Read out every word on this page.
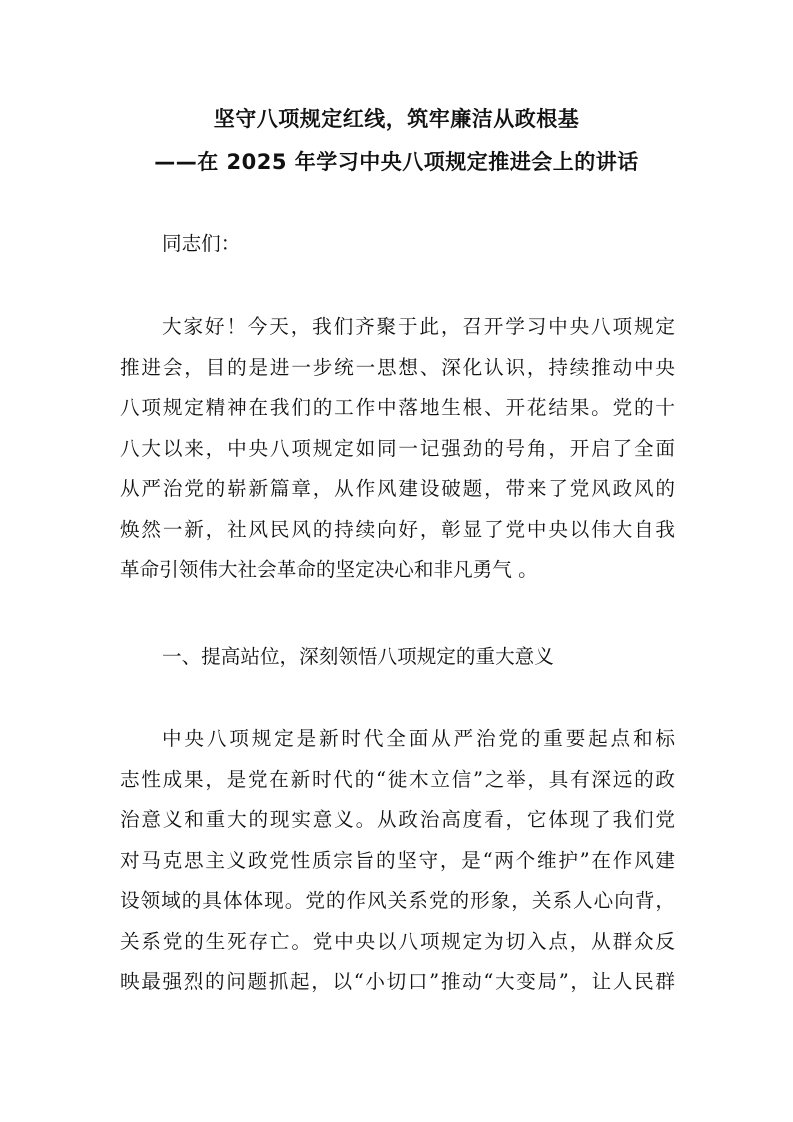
坚守八项规定红线，筑牢廉洁从政根基
——在 2025 年学习中央八项规定推进会上的讲话
同志们：
大家好！今天，我们齐聚于此，召开学习中央八项规定
推进会，目的是进一步统一思想、深化认识，持续推动中央
八项规定精神在我们的工作中落地生根、开花结果。党的十
八大以来，中央八项规定如同一记强劲的号角，开启了全面
从严治党的崭新篇章，从作风建设破题，带来了党风政风的
焕然一新，社风民风的持续向好，彰显了党中央以伟大自我
革命引领伟大社会革命的坚定决心和非凡勇气 。
一、提高站位，深刻领悟八项规定的重大意义
中央八项规定是新时代全面从严治党的重要起点和标
志性成果，是党在新时代的“徙木立信”之举，具有深远的政
治意义和重大的现实意义。从政治高度看，它体现了我们党
对马克思主义政党性质宗旨的坚守，是“两个维护”在作风建
设领域的具体体现。党的作风关系党的形象，关系人心向背，
关系党的生死存亡。党中央以八项规定为切入点，从群众反
映最强烈的问题抓起，以“小切口”推动“大变局”，让人民群
